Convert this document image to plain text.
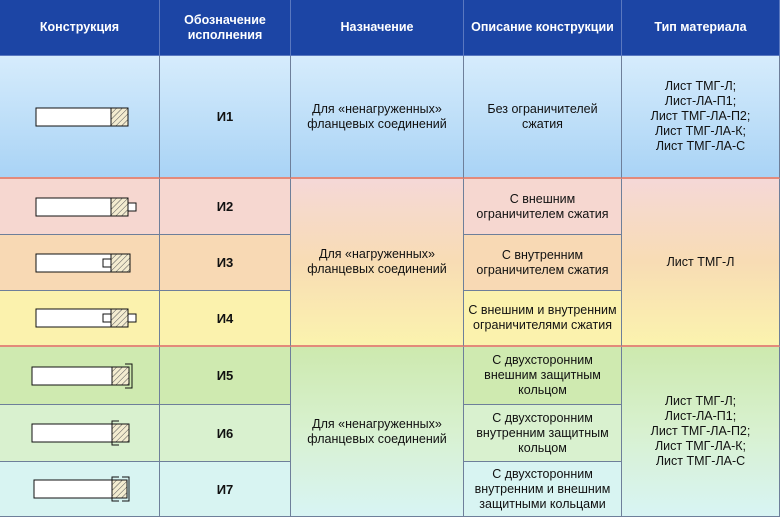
Конструкция
Обозначение исполнения
Назначение	Описание конструкции	Тип материала
И1
Для «ненагруженных» фланцевых соединений
Без ограничителей сжатия
Лист ТМГ-Л;
Лист-ЛА-П1;
Лист ТМГ-ЛА-П2;
Лист ТМГ-ЛА-К;
Лист ТМГ-ЛА-С
И2
Для «нагруженных» фланцевых соединений
С внешним ограничителем сжатия
Лист ТМГ-Л
И3
С внутренним ограничителем сжатия
И4
С внешним и внутренним ограничителями сжатия
И5
Для «ненагруженных» фланцевых соединений
С двухсторонним внешним защитным кольцом
Лист ТМГ-Л;
Лист-ЛА-П1;
Лист ТМГ-ЛА-П2;
Лист ТМГ-ЛА-К;
Лист ТМГ-ЛА-С
И6
С двухсторонним внутренним защитным кольцом
И7
С двухсторонним внутренним и внешним защитными кольцами
